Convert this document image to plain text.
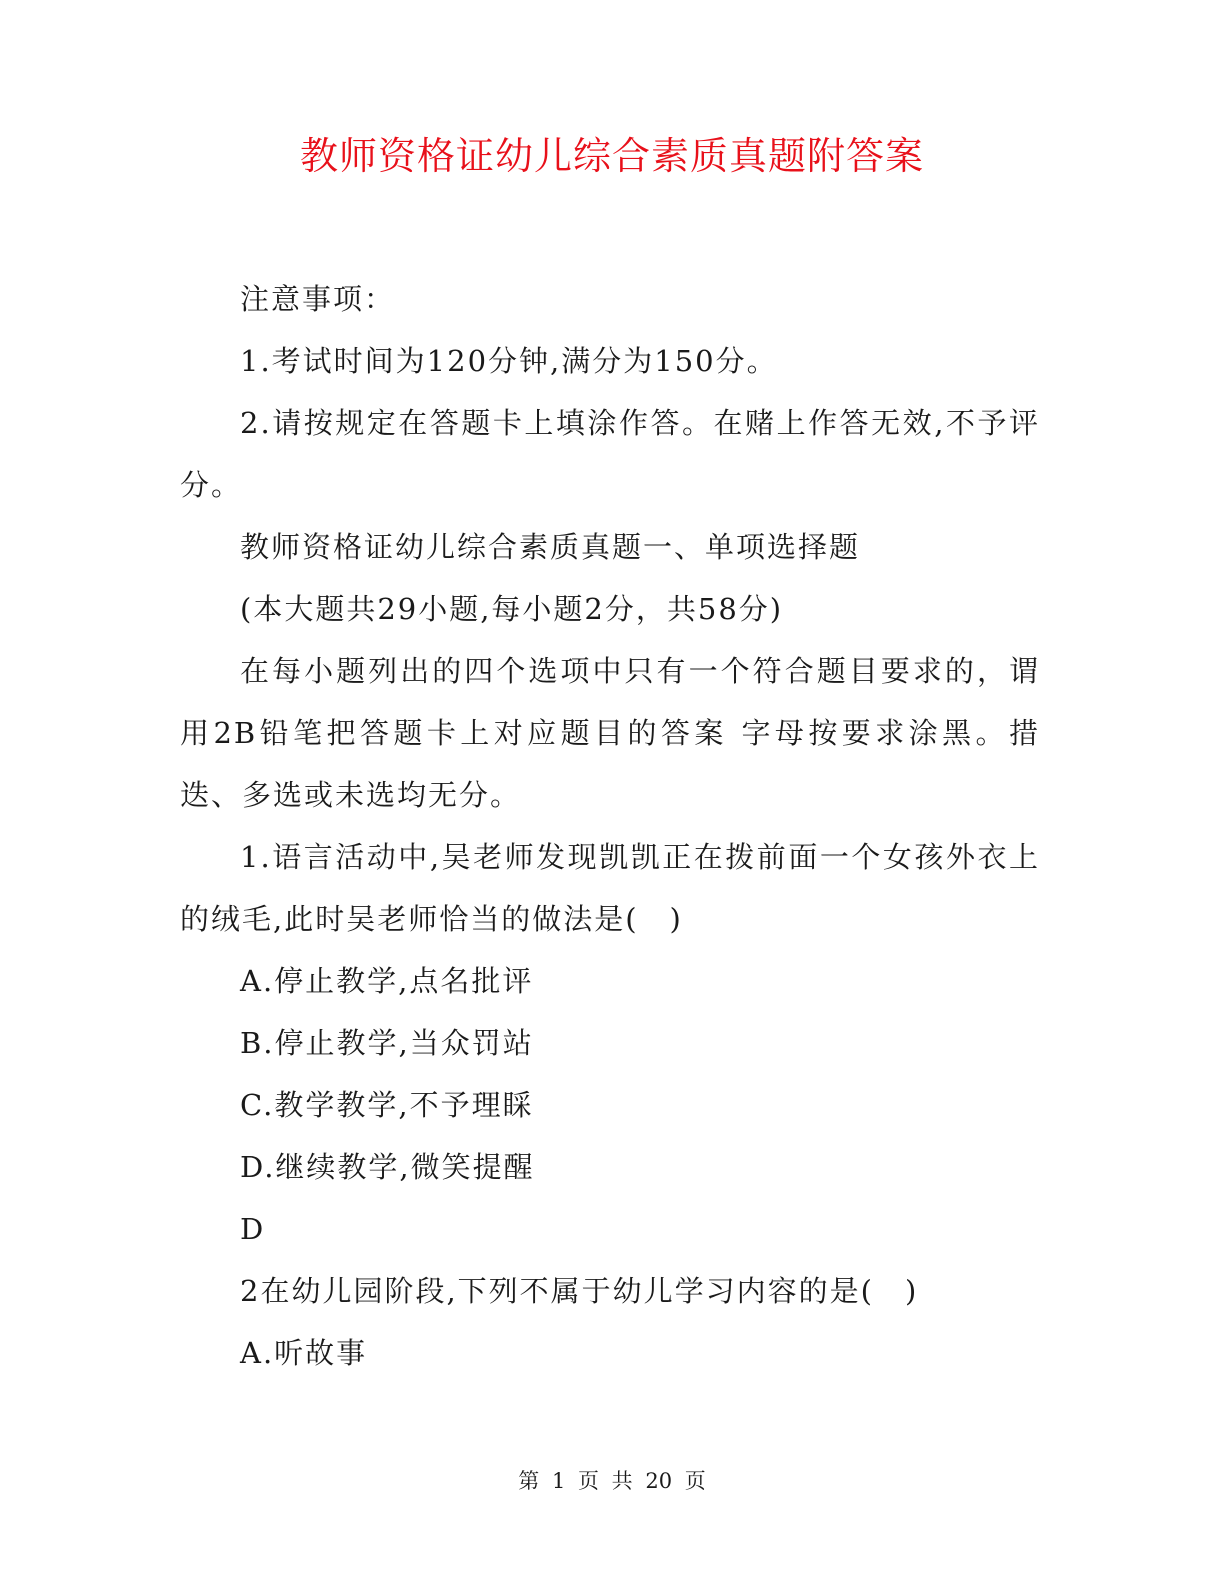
教师资格证幼儿综合素质真题附答案

注意事项：

1.考试时间为120分钟,满分为150分。

2.请按规定在答题卡上填涂作答。在赌上作答无效,不予评分。

教师资格证幼儿综合素质真题一、单项选择题

(本大题共29小题,每小题2分，共58分)

在每小题列出的四个选项中只有一个符合题目要求的，谓用2B铅笔把答题卡上对应题目的答案 字母按要求涂黑。措迭、多选或未选均无分。

1.语言活动中,吴老师发现凯凯正在拨前面一个女孩外衣上的绒毛,此时吴老师恰当的做法是(　)

A.停止教学,点名批评

B.停止教学,当众罚站

C.教学教学,不予理睬

D.继续教学,微笑提醒

D

2在幼儿园阶段,下列不属于幼儿学习内容的是(　)

A.听故事

第 1 页 共 20 页
